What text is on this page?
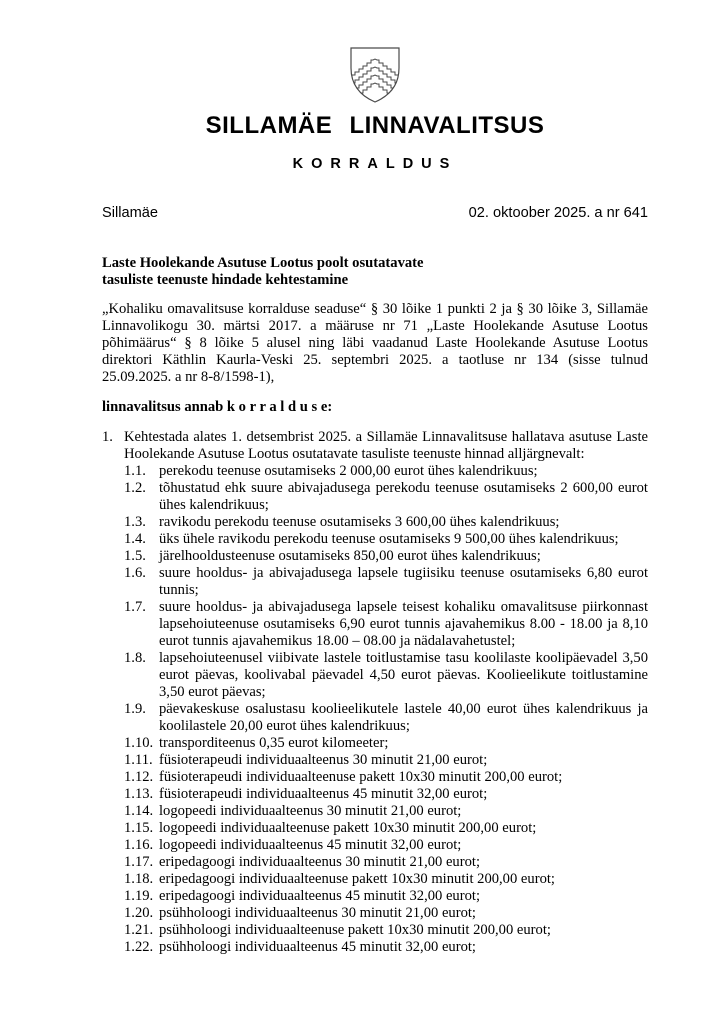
SILLAMÄE LINNAVALITSUS
KORRALDUS
Sillamäe	02. oktoober 2025. a nr 641
Laste Hoolekande Asutuse Lootus poolt osutatavate
tasuliste teenuste hindade kehtestamine
„Kohaliku omavalitsuse korralduse seaduse“ § 30 lõike 1 punkti 2 ja § 30 lõike 3, Sillamäe Linnavolikogu 30. märtsi 2017. a määruse nr 71 „Laste Hoolekande Asutuse Lootus põhimäärus“ § 8 lõike 5 alusel ning läbi vaadanud Laste Hoolekande Asutuse Lootus direktori Käthlin Kaurla-Veski 25. septembri 2025. a taotluse nr 134 (sisse tulnud 25.09.2025. a nr 8-8/1598-1),
linnavalitsus annab k o r r a l d u s e:
1. Kehtestada alates 1. detsembrist 2025. a Sillamäe Linnavalitsuse hallatava asutuse Laste Hoolekande Asutuse Lootus osutatavate tasuliste teenuste hinnad alljärgnevalt:
1.1. perekodu teenuse osutamiseks 2 000,00 eurot ühes kalendrikuus;
1.2. tõhustatud ehk suure abivajadusega perekodu teenuse osutamiseks 2 600,00 eurot ühes kalendrikuus;
1.3. ravikodu perekodu teenuse osutamiseks 3 600,00 ühes kalendrikuus;
1.4. üks ühele ravikodu perekodu teenuse osutamiseks 9 500,00 ühes kalendrikuus;
1.5. järelhooldusteenuse osutamiseks 850,00 eurot ühes kalendrikuus;
1.6. suure hooldus- ja abivajadusega lapsele tugiisiku teenuse osutamiseks 6,80 eurot tunnis;
1.7. suure hooldus- ja abivajadusega lapsele teisest kohaliku omavalitsuse piirkonnast lapsehoiuteenuse osutamiseks 6,90 eurot tunnis ajavahemikus 8.00 - 18.00 ja 8,10 eurot tunnis ajavahemikus 18.00 – 08.00 ja nädalavahetustel;
1.8. lapsehoiuteenusel viibivate lastele toitlustamise tasu koolilaste koolipäevadel 3,50 eurot päevas, koolivabal päevadel 4,50 eurot päevas. Koolieelikute toitlustamine 3,50 eurot päevas;
1.9. päevakeskuse osalustasu koolieelikutele lastele 40,00 eurot ühes kalendrikuus ja koolilastele 20,00 eurot ühes kalendrikuus;
1.10. transporditeenus 0,35 eurot kilomeeter;
1.11. füsioterapeudi individuaalteenus 30 minutit 21,00 eurot;
1.12. füsioterapeudi individuaalteenuse pakett 10x30 minutit 200,00 eurot;
1.13. füsioterapeudi individuaalteenus 45 minutit 32,00 eurot;
1.14. logopeedi individuaalteenus 30 minutit 21,00 eurot;
1.15. logopeedi individuaalteenuse pakett 10x30 minutit 200,00 eurot;
1.16. logopeedi individuaalteenus 45 minutit 32,00 eurot;
1.17. eripedagoogi individuaalteenus 30 minutit 21,00 eurot;
1.18. eripedagoogi individuaalteenuse pakett 10x30 minutit 200,00 eurot;
1.19. eripedagoogi individuaalteenus 45 minutit 32,00 eurot;
1.20. psühholoogi individuaalteenus 30 minutit 21,00 eurot;
1.21. psühholoogi individuaalteenuse pakett 10x30 minutit 200,00 eurot;
1.22. psühholoogi individuaalteenus 45 minutit 32,00 eurot;
